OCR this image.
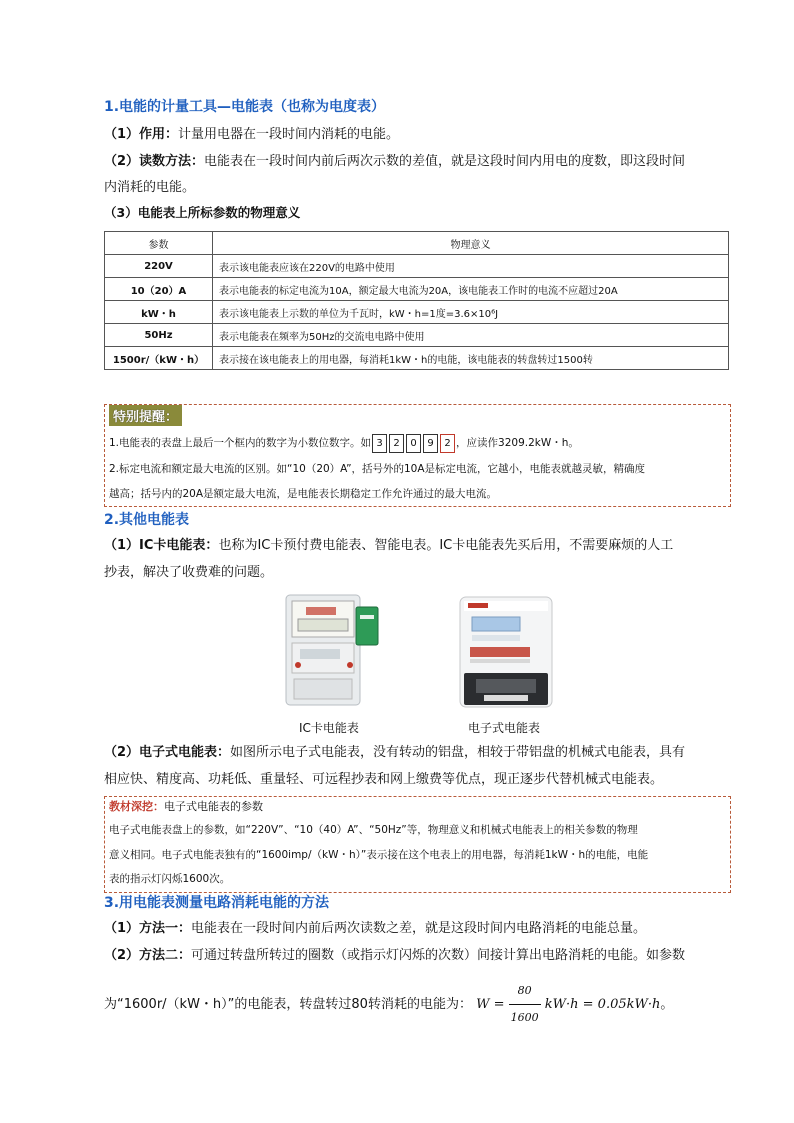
1.电能的计量工具—电能表（也称为电度表）
（1）作用：计量用电器在一段时间内消耗的电能。
（2）读数方法：电能表在一段时间内前后两次示数的差值，就是这段时间内用电的度数，即这段时间
内消耗的电能。
（3）电能表上所标参数的物理意义
参数	物理意义
220V	表示该电能表应该在220V的电路中使用
10（20）A	表示电能表的标定电流为10A，额定最大电流为20A，该电能表工作时的电流不应超过20A
kW・h	表示该电能表上示数的单位为千瓦时，kW・h=1度=3.6×10⁶J
50Hz	表示电能表在频率为50Hz的交流电电路中使用
1500r/（kW・h）	表示接在该电能表上的用电器，每消耗1kW・h的电能，该电能表的转盘转过1500转
特别提醒：
1.电能表的表盘上最后一个框内的数字为小数位数字。如 3 2 0 9 2 ，应读作3209.2kW・h。
2.标定电流和额定最大电流的区别。如“10（20）A”，括号外的10A是标定电流，它越小，电能表就越灵敏，精确度
越高；括号内的20A是额定最大电流，是电能表长期稳定工作允许通过的最大电流。
2.其他电能表
（1）IC卡电能表：也称为IC卡预付费电能表、智能电表。IC卡电能表先买后用，不需要麻烦的人工
抄表，解决了收费难的问题。
IC卡电能表	电子式电能表
（2）电子式电能表：如图所示电子式电能表，没有转动的铝盘，相较于带铝盘的机械式电能表，具有
相应快、精度高、功耗低、重量轻、可远程抄表和网上缴费等优点，现正逐步代替机械式电能表。
教材深挖：电子式电能表的参数
电子式电能表盘上的参数，如“220V”、“10（40）A”、“50Hz”等，物理意义和机械式电能表上的相关参数的物理
意义相同。电子式电能表独有的“1600imp/（kW・h）”表示接在这个电表上的用电器，每消耗1kW・h的电能，电能
表的指示灯闪烁1600次。
3.用电能表测量电路消耗电能的方法
（1）方法一：电能表在一段时间内前后两次读数之差，就是这段时间内电路消耗的电能总量。
（2）方法二：可通过转盘所转过的圈数（或指示灯闪烁的次数）间接计算出电路消耗的电能。如参数
为“1600r/（kW・h）”的电能表，转盘转过80转消耗的电能为： $W = \frac{80}{1600} kW\cdot h = 0.05kW\cdot h$。
